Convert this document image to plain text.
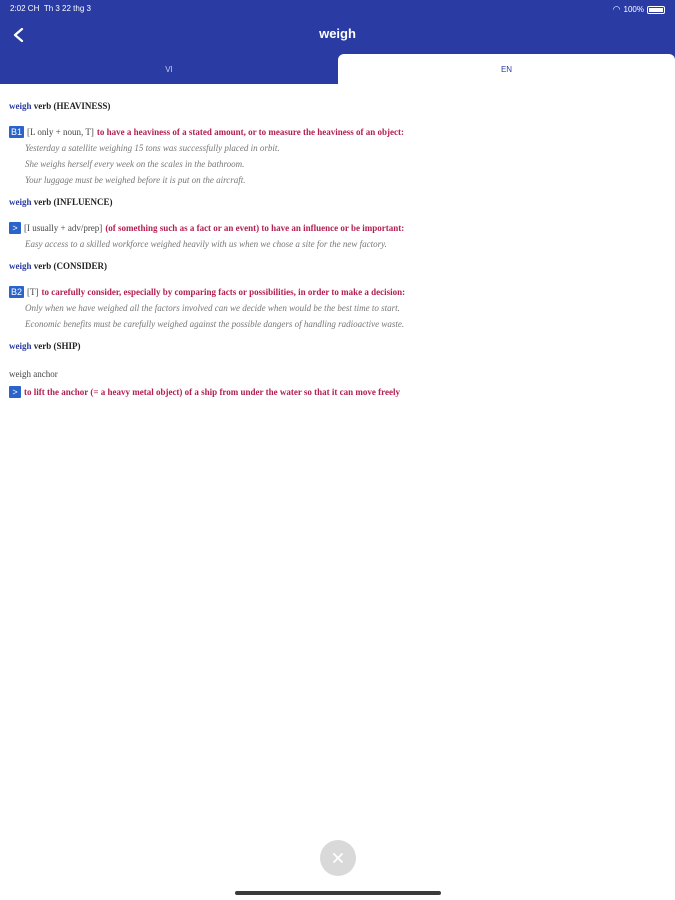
2:02 CH Th 3 22 thg 3	◠ 100%
weigh
VI	EN
weigh verb (HEAVINESS)
B1 [L only + noun, T] to have a heaviness of a stated amount, or to measure the heaviness of an object:
Yesterday a satellite weighing 15 tons was successfully placed in orbit.
She weighs herself every week on the scales in the bathroom.
Your luggage must be weighed before it is put on the aircraft.
weigh verb (INFLUENCE)
> [I usually + adv/prep] (of something such as a fact or an event) to have an influence or be important:
Easy access to a skilled workforce weighed heavily with us when we chose a site for the new factory.
weigh verb (CONSIDER)
B2 [T] to carefully consider, especially by comparing facts or possibilities, in order to make a decision:
Only when we have weighed all the factors involved can we decide when would be the best time to start.
Economic benefits must be carefully weighed against the possible dangers of handling radioactive waste.
weigh verb (SHIP)
weigh anchor
> to lift the anchor (= a heavy metal object) of a ship from under the water so that it can move freely
